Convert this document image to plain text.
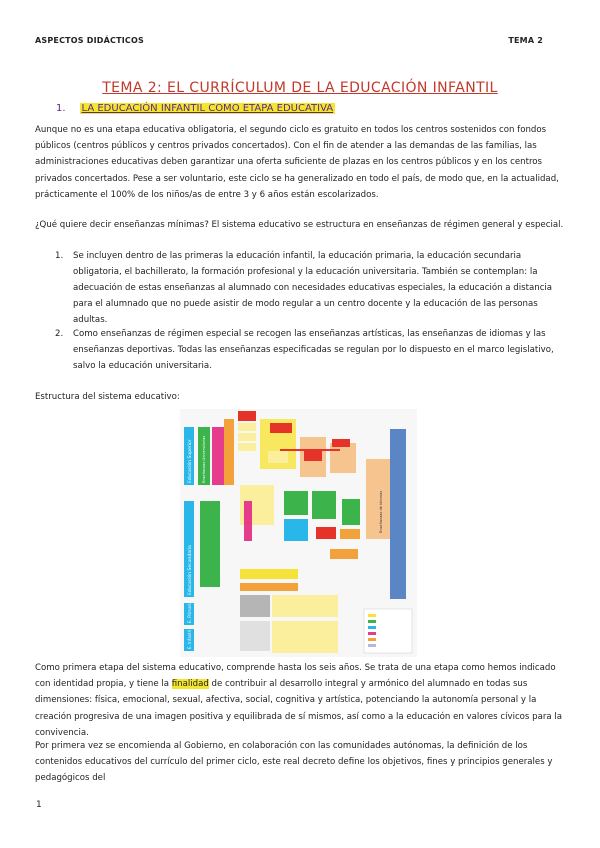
ASPECTOS DIDÁCTICOS	TEMA 2
TEMA 2: EL CURRÍCULUM DE LA EDUCACIÓN INFANTIL
1. LA EDUCACIÓN INFANTIL COMO ETAPA EDUCATIVA
Aunque no es una etapa educativa obligatoria, el segundo ciclo es gratuito en todos los centros sostenidos con fondos públicos (centros públicos y centros privados concertados). Con el fin de atender a las demandas de las familias, las administraciones educativas deben garantizar una oferta suficiente de plazas en los centros públicos y en los centros privados concertados. Pese a ser voluntario, este ciclo se ha generalizado en todo el país, de modo que, en la actualidad, prácticamente el 100% de los niños/as de entre 3 y 6 años están escolarizados.
¿Qué quiere decir enseñanzas mínimas? El sistema educativo se estructura en enseñanzas de régimen general y especial.
1. Se incluyen dentro de las primeras la educación infantil, la educación primaria, la educación secundaria obligatoria, el bachillerato, la formación profesional y la educación universitaria. También se contemplan: la adecuación de estas enseñanzas al alumnado con necesidades educativas especiales, la educación a distancia para el alumnado que no puede asistir de modo regular a un centro docente y la educación de las personas adultas.
2. Como enseñanzas de régimen especial se recogen las enseñanzas artísticas, las enseñanzas de idiomas y las enseñanzas deportivas. Todas las enseñanzas especificadas se regulan por lo dispuesto en el marco legislativo, salvo la educación universitaria.
Estructura del sistema educativo:
Educación Superior
Educación Secundaria
E. Primaria
E. Infantil
Enseñanzas Universitarias
Enseñanzas de Idiomas
Como primera etapa del sistema educativo, comprende hasta los seis años. Se trata de una etapa como hemos indicado con identidad propia, y tiene la finalidad de contribuir al desarrollo integral y armónico del alumnado en todas sus dimensiones: física, emocional, sexual, afectiva, social, cognitiva y artística, potenciando la autonomía personal y la creación progresiva de una imagen positiva y equilibrada de sí mismos, así como a la educación en valores cívicos para la convivencia.
Por primera vez se encomienda al Gobierno, en colaboración con las comunidades autónomas, la definición de los contenidos educativos del currículo del primer ciclo, este real decreto define los objetivos, fines y principios generales y pedagógicos del
1
